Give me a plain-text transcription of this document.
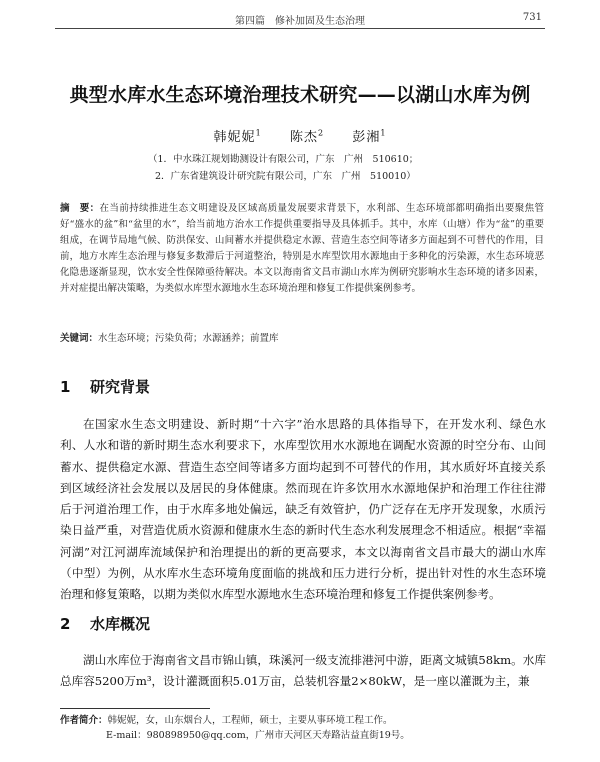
第四篇　修补加固及生态治理	731
典型水库水生态环境治理技术研究——以湖山水库为例
韩妮妮$^1$ 陈杰$^2$ 彭湘$^1$
（1．中水珠江规划勘测设计有限公司，广东　广州　510610；
2．广东省建筑设计研究院有限公司，广东　广州　510010）
摘　要：在当前持续推进生态文明建设及区域高质量发展要求背景下，水利部、生态环境部都明确指出要聚焦管好“盛水的盆”和“盆里的水”，给当前地方治水工作提供重要指导及具体抓手。其中，水库（山塘）作为“盆”的重要组成，在调节局地气候、防洪保安、山间蓄水并提供稳定水源、营造生态空间等诸多方面起到不可替代的作用，目前，地方水库生态治理与修复多数滞后于河道整治，特别是水库型饮用水源地由于多种化的污染源，水生态环境恶化隐患逐渐显现，饮水安全性保障亟待解决。本文以海南省文昌市湖山水库为例研究影响水生态环境的诸多因素，并对症提出解决策略，为类似水库型水源地水生态环境治理和修复工作提供案例参考。
关键词：水生态环境；污染负荷；水源涵养；前置库
1 研究背景
在国家水生态文明建设、新时期“十六字”治水思路的具体指导下，在开发水利、绿色水利、人水和谐的新时期生态水利要求下，水库型饮用水水源地在调配水资源的时空分布、山间蓄水、提供稳定水源、营造生态空间等诸多方面均起到不可替代的作用，其水质好坏直接关系到区域经济社会发展以及居民的身体健康。然而现在许多饮用水水源地保护和治理工作往往滞后于河道治理工作，由于水库多地处偏远，缺乏有效管护，仍广泛存在无序开发现象，水质污染日益严重，对营造优质水资源和健康水生态的新时代生态水利发展理念不相适应。根据“幸福河湖”对江河湖库流域保护和治理提出的新的更高要求，本文以海南省文昌市最大的湖山水库（中型）为例，从水库水生态环境角度面临的挑战和压力进行分析，提出针对性的水生态环境治理和修复策略，以期为类似水库型水源地水生态环境治理和修复工作提供案例参考。
2 水库概况
湖山水库位于海南省文昌市锦山镇，珠溪河一级支流排港河中游，距离文城镇58km。水库总库容5200万m³，设计灌溉面积5.01万亩，总装机容量2×80kW，是一座以灌溉为主，兼
作者简介：韩妮妮，女，山东烟台人，工程师，硕士，主要从事环境工程工作。
E-mail：980898950@qq.com，广州市天河区天寿路沾益直街19号。
